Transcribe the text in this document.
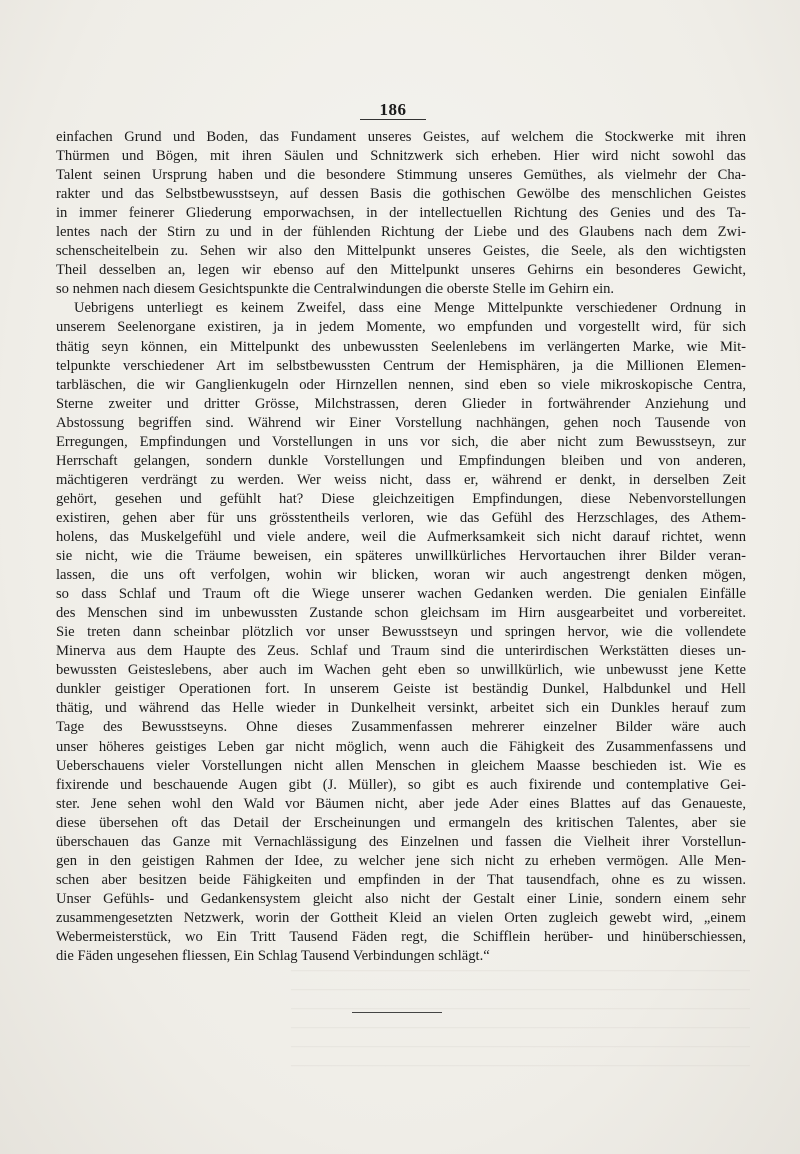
186
einfachen Grund und Boden, das Fundament unseres Geistes, auf welchem die Stockwerke mit ihren
Thürmen und Bögen, mit ihren Säulen und Schnitzwerk sich erheben. Hier wird nicht sowohl das
Talent seinen Ursprung haben und die besondere Stimmung unseres Gemüthes, als vielmehr der Cha-
rakter und das Selbstbewusstseyn, auf dessen Basis die gothischen Gewölbe des menschlichen Geistes
in immer feinerer Gliederung emporwachsen, in der intellectuellen Richtung des Genies und des Ta-
lentes nach der Stirn zu und in der fühlenden Richtung der Liebe und des Glaubens nach dem Zwi-
schenscheitelbein zu. Sehen wir also den Mittelpunkt unseres Geistes, die Seele, als den wichtigsten
Theil desselben an, legen wir ebenso auf den Mittelpunkt unseres Gehirns ein besonderes Gewicht,
so nehmen nach diesem Gesichtspunkte die Centralwindungen die oberste Stelle im Gehirn ein.
Uebrigens unterliegt es keinem Zweifel, dass eine Menge Mittelpunkte verschiedener Ordnung in
unserem Seelenorgane existiren, ja in jedem Momente, wo empfunden und vorgestellt wird, für sich
thätig seyn können, ein Mittelpunkt des unbewussten Seelenlebens im verlängerten Marke, wie Mit-
telpunkte verschiedener Art im selbstbewussten Centrum der Hemisphären, ja die Millionen Elemen-
tarbläschen, die wir Ganglienkugeln oder Hirnzellen nennen, sind eben so viele mikroskopische Centra,
Sterne zweiter und dritter Grösse, Milchstrassen, deren Glieder in fortwährender Anziehung und
Abstossung begriffen sind. Während wir Einer Vorstellung nachhängen, gehen noch Tausende von
Erregungen, Empfindungen und Vorstellungen in uns vor sich, die aber nicht zum Bewusstseyn, zur
Herrschaft gelangen, sondern dunkle Vorstellungen und Empfindungen bleiben und von anderen,
mächtigeren verdrängt zu werden. Wer weiss nicht, dass er, während er denkt, in derselben Zeit
gehört, gesehen und gefühlt hat? Diese gleichzeitigen Empfindungen, diese Nebenvorstellungen
existiren, gehen aber für uns grösstentheils verloren, wie das Gefühl des Herzschlages, des Athem-
holens, das Muskelgefühl und viele andere, weil die Aufmerksamkeit sich nicht darauf richtet, wenn
sie nicht, wie die Träume beweisen, ein späteres unwillkürliches Hervortauchen ihrer Bilder veran-
lassen, die uns oft verfolgen, wohin wir blicken, woran wir auch angestrengt denken mögen,
so dass Schlaf und Traum oft die Wiege unserer wachen Gedanken werden. Die genialen Einfälle
des Menschen sind im unbewussten Zustande schon gleichsam im Hirn ausgearbeitet und vorbereitet.
Sie treten dann scheinbar plötzlich vor unser Bewusstseyn und springen hervor, wie die vollendete
Minerva aus dem Haupte des Zeus. Schlaf und Traum sind die unterirdischen Werkstätten dieses un-
bewussten Geisteslebens, aber auch im Wachen geht eben so unwillkürlich, wie unbewusst jene Kette
dunkler geistiger Operationen fort. In unserem Geiste ist beständig Dunkel, Halbdunkel und Hell
thätig, und während das Helle wieder in Dunkelheit versinkt, arbeitet sich ein Dunkles herauf zum
Tage des Bewusstseyns. Ohne dieses Zusammenfassen mehrerer einzelner Bilder wäre auch
unser höheres geistiges Leben gar nicht möglich, wenn auch die Fähigkeit des Zusammenfassens und
Ueberschauens vieler Vorstellungen nicht allen Menschen in gleichem Maasse beschieden ist. Wie es
fixirende und beschauende Augen gibt (J. Müller), so gibt es auch fixirende und contemplative Gei-
ster. Jene sehen wohl den Wald vor Bäumen nicht, aber jede Ader eines Blattes auf das Genaueste,
diese übersehen oft das Detail der Erscheinungen und ermangeln des kritischen Talentes, aber sie
überschauen das Ganze mit Vernachlässigung des Einzelnen und fassen die Vielheit ihrer Vorstellun-
gen in den geistigen Rahmen der Idee, zu welcher jene sich nicht zu erheben vermögen. Alle Men-
schen aber besitzen beide Fähigkeiten und empfinden in der That tausendfach, ohne es zu wissen.
Unser Gefühls- und Gedankensystem gleicht also nicht der Gestalt einer Linie, sondern einem sehr
zusammengesetzten Netzwerk, worin der Gottheit Kleid an vielen Orten zugleich gewebt wird, „einem
Webermeisterstück, wo Ein Tritt Tausend Fäden regt, die Schifflein herüber- und hinüberschiessen,
die Fäden ungesehen fliessen, Ein Schlag Tausend Verbindungen schlägt.“
——————————————————————————————————
——————————————————————————————————
——————————————————————————————————
——————————————————————————————————
——————————————————————————————————
——————————————————————————————————
